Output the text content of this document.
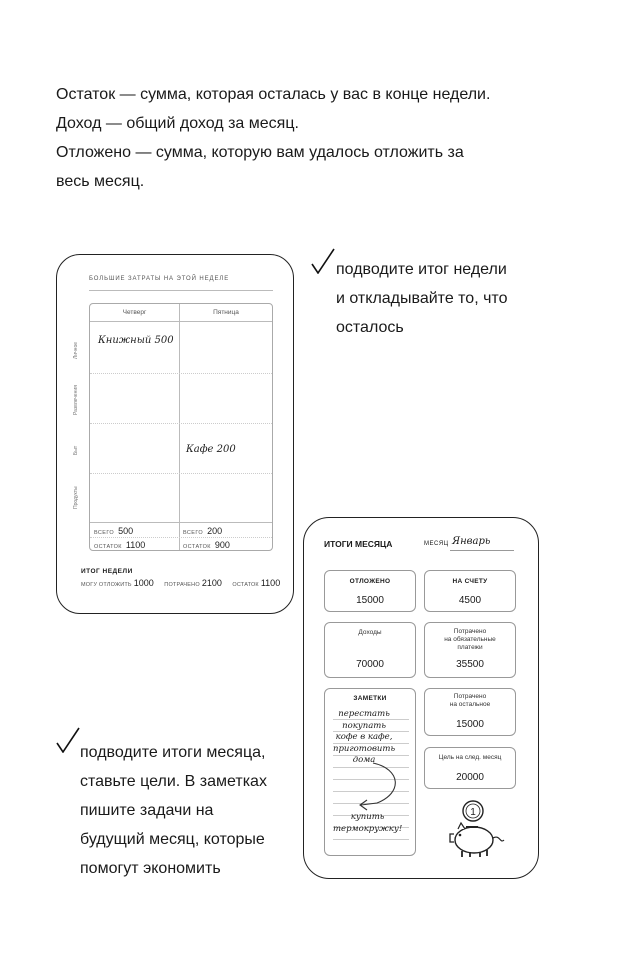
Остаток — сумма, которая осталась у вас в конце недели.

Доход — общий доход за месяц.

Отложено — сумма, которую вам удалось отложить за

весь месяц.

БОЛЬШИЕ ЗАТРАТЫ НА ЭТОЙ НЕДЕЛЕ
Личное
Развлечения
Быт
Продукты
Четверг	Пятница
Книжный 500
Кафе 200
ВСЕГО 500
ОСТАТОК 1100
ВСЕГО 200
ОСТАТОК 900
ИТОГ НЕДЕЛИ
МОГУ ОТЛОЖИТЬ 1000 ПОТРАЧЕНО 2100 ОСТАТОК 1100
подводите итог недели
и откладывайте то, что
осталось
ИТОГИ МЕСЯЦА	МЕСЯЦ Январь
ОТЛОЖЕНО
15000
НА СЧЕТУ
4500
Доходы
70000
Потрачено
на обязательные
платежи
35500
Потрачено
на остальное
15000
Цель на след. месяц
20000
ЗАМЕТКИ
перестать
покупать
кофе в кафе,
приготовить
дома
купить
термокружку!
1
подводите итоги месяца,
ставьте цели. В заметках
пишите задачи на
будущий месяц, которые
помогут экономить
